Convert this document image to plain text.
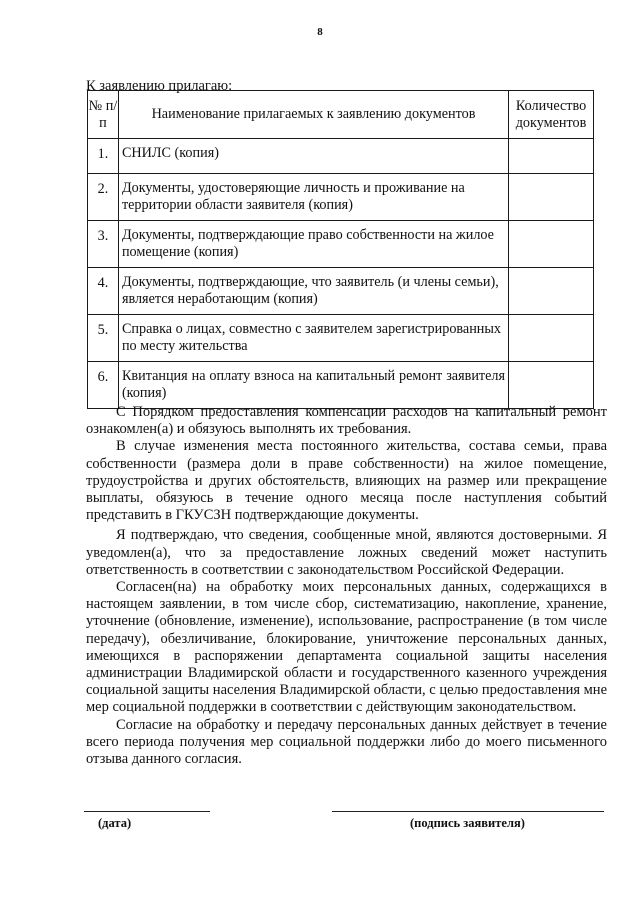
8

К заявлению прилагаю:

№ п/п	Наименование прилагаемых к заявлению документов	Количество документов
1.	СНИЛС (копия)	
2.	Документы, удостоверяющие личность и проживание на территории области заявителя (копия)	
3.	Документы, подтверждающие право собственности на жилое помещение (копия)	
4.	Документы, подтверждающие, что заявитель (и члены семьи), является неработающим (копия)	
5.	Справка о лицах, совместно с заявителем зарегистрированных по месту жительства	
6.	Квитанция на оплату взноса на капитальный ремонт заявителя (копия)	

С Порядком предоставления компенсации расходов на капитальный ремонт ознакомлен(а) и обязуюсь выполнять их требования.

В случае изменения места постоянного жительства, состава семьи, права собственности (размера доли в праве собственности) на жилое помещение, трудоустройства и других обстоятельств, влияющих на размер или прекращение выплаты, обязуюсь в течение одного месяца после наступления событий представить в ГКУСЗН подтверждающие документы.

Я подтверждаю, что сведения, сообщенные мной, являются достоверными. Я уведомлен(а), что за предоставление ложных сведений может наступить ответственность в соответствии с законодательством Российской Федерации.

Согласен(на) на обработку моих персональных данных, содержащихся в настоящем заявлении, в том числе сбор, систематизацию, накопление, хранение, уточнение (обновление, изменение), использование, распространение (в том числе передачу), обезличивание, блокирование, уничтожение персональных данных, имеющихся в распоряжении департамента социальной защиты населения администрации Владимирской области и государственного казенного учреждения социальной защиты населения Владимирской области, с целью предоставления мне мер социальной поддержки в соответствии с действующим законодательством.

Согласие на обработку и передачу персональных данных действует в течение всего периода получения мер социальной поддержки либо до моего письменного отзыва данного согласия.

(дата)	(подпись заявителя)
